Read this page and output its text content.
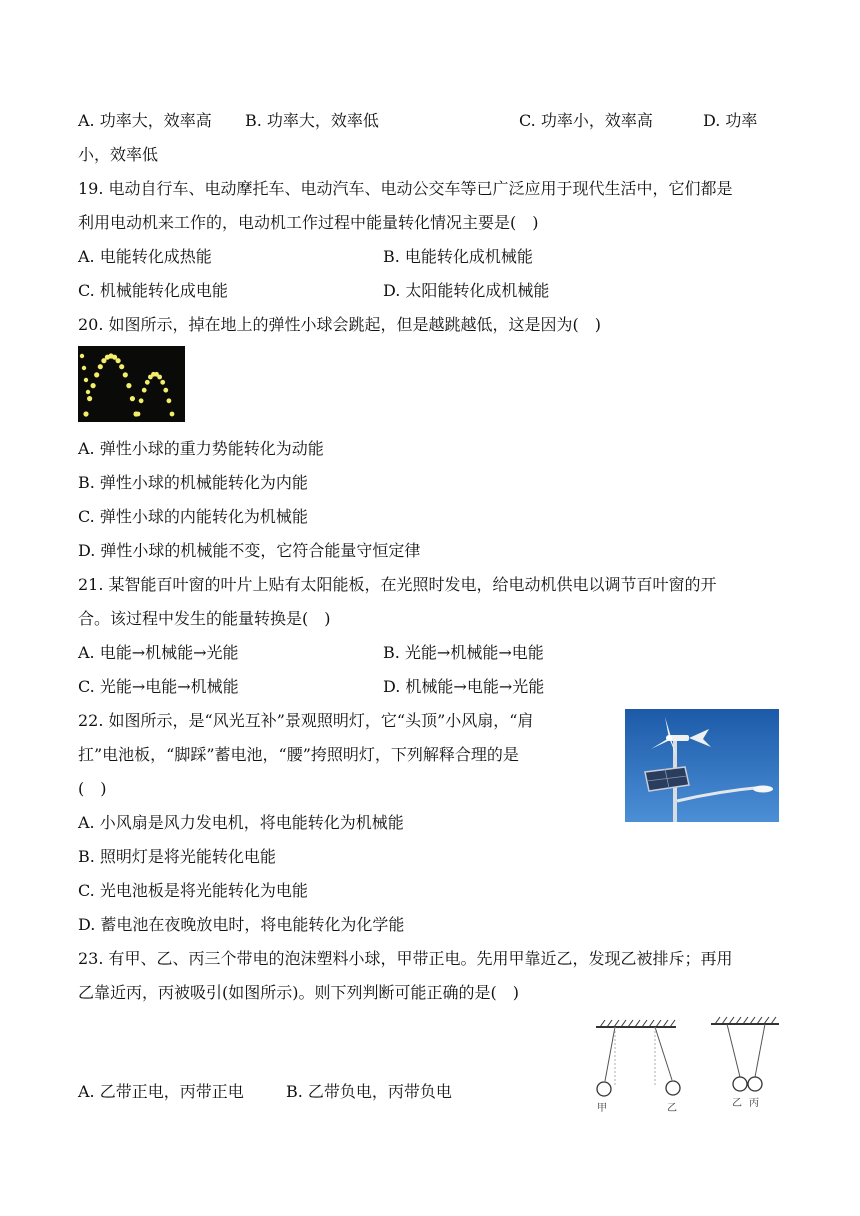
A. 功率大，效率高 B. 功率大，效率低	C. 功率小，效率高	D. 功率
小，效率低
19. 电动自行车、电动摩托车、电动汽车、电动公交车等已广泛应用于现代生活中，它们都是
利用电动机来工作的，电动机工作过程中能量转化情况主要是(　)
A. 电能转化成热能	B. 电能转化成机械能
C. 机械能转化成电能	D. 太阳能转化成机械能
20. 如图所示，掉在地上的弹性小球会跳起，但是越跳越低，这是因为(　)
A. 弹性小球的重力势能转化为动能
B. 弹性小球的机械能转化为内能
C. 弹性小球的内能转化为机械能
D. 弹性小球的机械能不变，它符合能量守恒定律
21. 某智能百叶窗的叶片上贴有太阳能板，在光照时发电，给电动机供电以调节百叶窗的开
合。该过程中发生的能量转换是(　)
A. 电能→机械能→光能	B. 光能→机械能→电能
C. 光能→电能→机械能	D. 机械能→电能→光能
22. 如图所示，是“风光互补”景观照明灯，它“头顶”小风扇，“肩
扛”电池板，“脚踩”蓄电池，“腰”挎照明灯，下列解释合理的是
(　)
A. 小风扇是风力发电机，将电能转化为机械能
B. 照明灯是将光能转化电能
C. 光电池板是将光能转化为电能
D. 蓄电池在夜晚放电时，将电能转化为化学能
23. 有甲、乙、丙三个带电的泡沫塑料小球，甲带正电。先用甲靠近乙，发现乙被排斥；再用
乙靠近丙，丙被吸引(如图所示)。则下列判断可能正确的是(　)
A. 乙带正电，丙带正电	B. 乙带负电，丙带负电
甲	乙	乙 丙
